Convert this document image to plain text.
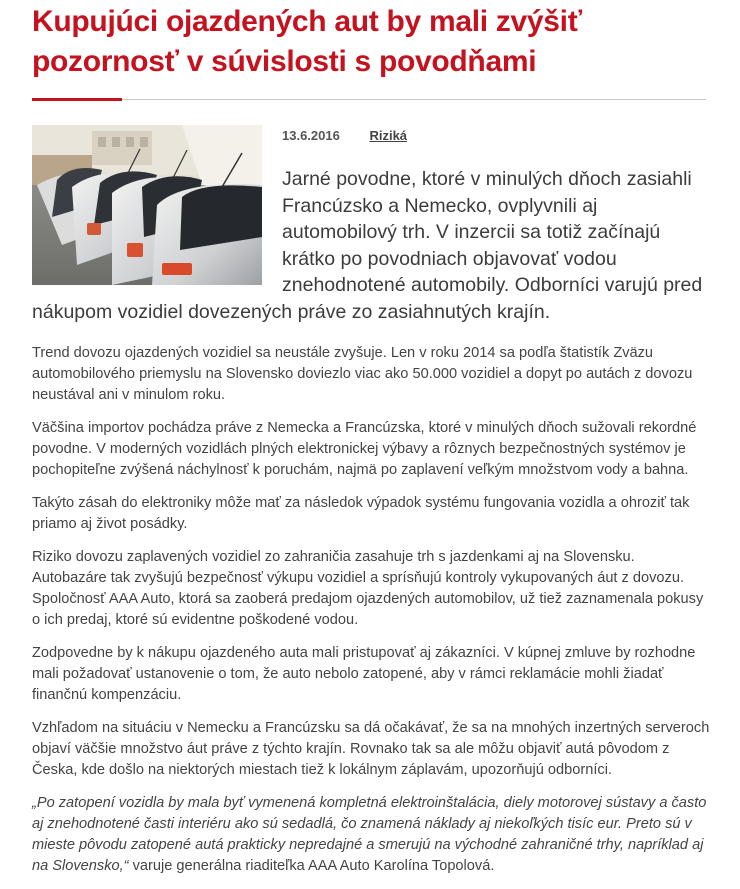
Kupujúci ojazdených aut by mali zvýšiť pozornosť v súvislosti s povodňami
13.6.2016 Riziká

Jarné povodne, ktoré v minulých dňoch zasiahli Francúzsko a Nemecko, ovplyvnili aj automobilový trh. V inzercii sa totiž začínajú krátko po povodniach objavovať vodou znehodnotené automobily. Odborníci varujú pred nákupom vozidiel dovezených práve zo zasiahnutých krajín.

Trend dovozu ojazdených vozidiel sa neustále zvyšuje. Len v roku 2014 sa podľa štatistík Zväzu automobilového priemyslu na Slovensko doviezlo viac ako 50.000 vozidiel a dopyt po autách z dovozu neustával ani v minulom roku.

Väčšina importov pochádza práve z Nemecka a Francúzska, ktoré v minulých dňoch sužovali rekordné povodne. V moderných vozidlách plných elektronickej výbavy a rôznych bezpečnostných systémov je pochopiteľne zvýšená náchylnosť k poruchám, najmä po zaplavení veľkým množstvom vody a bahna.

Takýto zásah do elektroniky môže mať za následok výpadok systému fungovania vozidla a ohroziť tak priamo aj život posádky.

Riziko dovozu zaplavených vozidiel zo zahraničia zasahuje trh s jazdenkami aj na Slovensku. Autobazáre tak zvyšujú bezpečnosť výkupu vozidiel a sprísňujú kontroly vykupovaných áut z dovozu. Spoločnosť AAA Auto, ktorá sa zaoberá predajom ojazdených automobilov, už tiež zaznamenala pokusy o ich predaj, ktoré sú evidentne poškodené vodou.

Zodpovedne by k nákupu ojazdeného auta mali pristupovať aj zákazníci. V kúpnej zmluve by rozhodne mali požadovať ustanovenie o tom, že auto nebolo zatopené, aby v rámci reklamácie mohli žiadať finančnú kompenzáciu.

Vzhľadom na situáciu v Nemecku a Francúzsku sa dá očakávať, že sa na mnohých inzertných serveroch objaví väčšie množstvo áut práve z týchto krajín. Rovnako tak sa ale môžu objaviť autá pôvodom z Česka, kde došlo na niektorých miestach tiež k lokálnym záplavám, upozorňujú odborníci.

„Po zatopení vozidla by mala byť vymenená kompletná elektroinštalácia, diely motorovej sústavy a často aj znehodnotené časti interiéru ako sú sedadlá, čo znamená náklady aj niekoľkých tisíc eur. Preto sú v mieste pôvodu zatopené autá prakticky nepredajné a smerujú na východné zahraničné trhy, napríklad aj na Slovensko,“ varuje generálna riaditeľka AAA Auto Karolína Topolová.
